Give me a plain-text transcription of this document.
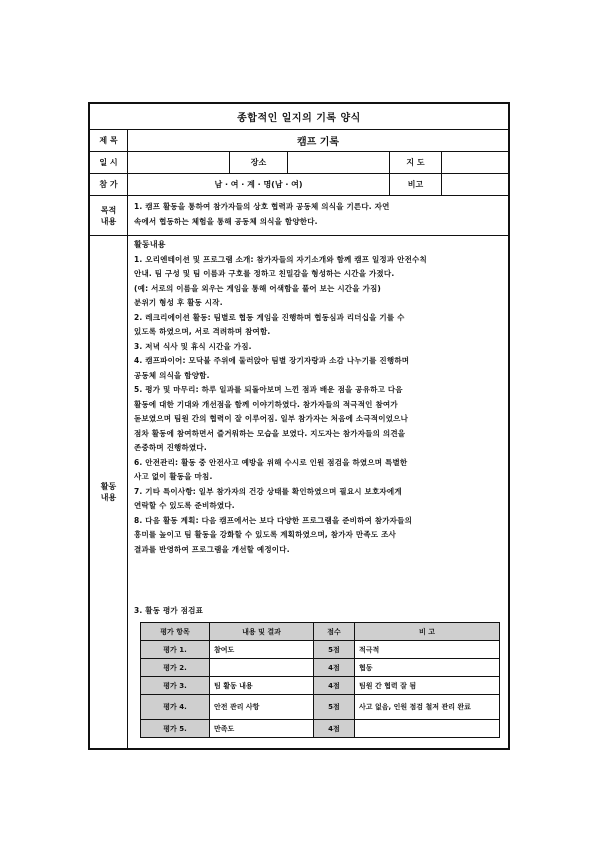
종합적인 일지의 기록 양식
제 목	캠프 기록
일 시	장소	지 도
참 가	남 · 여 · 계 · 명(남 · 여)	비고
목적
내용
1. 캠프 활동을 통하여 참가자들의 상호 협력과 공동체 의식을 기른다. 자연
속에서 협동하는 체험을 통해 공동체 의식을 함양한다.
활동
내용
활동내용
1. 오리엔테이션 및 프로그램 소개: 참가자들의 자기소개와 함께 캠프 일정과 안전수칙
안내. 팀 구성 및 팀 이름과 구호를 정하고 친밀감을 형성하는 시간을 가졌다.
(예: 서로의 이름을 외우는 게임을 통해 어색함을 풀어 보는 시간을 가짐)
분위기 형성 후 활동 시작.
2. 레크리에이션 활동: 팀별로 협동 게임을 진행하며 협동심과 리더십을 기를 수
있도록 하였으며, 서로 격려하며 참여함.
3. 저녁 식사 및 휴식 시간을 가짐.
4. 캠프파이어: 모닥불 주위에 둘러앉아 팀별 장기자랑과 소감 나누기를 진행하며
공동체 의식을 함양함.
5. 평가 및 마무리: 하루 일과를 되돌아보며 느낀 점과 배운 점을 공유하고 다음
활동에 대한 기대와 개선점을 함께 이야기하였다. 참가자들의 적극적인 참여가
돋보였으며 팀원 간의 협력이 잘 이루어짐. 일부 참가자는 처음에 소극적이었으나
점차 활동에 참여하면서 즐거워하는 모습을 보였다. 지도자는 참가자들의 의견을
존중하며 진행하였다.
6. 안전관리: 활동 중 안전사고 예방을 위해 수시로 인원 점검을 하였으며 특별한
사고 없이 활동을 마침.
7. 기타 특이사항: 일부 참가자의 건강 상태를 확인하였으며 필요시 보호자에게
연락할 수 있도록 준비하였다.
8. 다음 활동 계획: 다음 캠프에서는 보다 다양한 프로그램을 준비하여 참가자들의
흥미를 높이고 팀 활동을 강화할 수 있도록 계획하였으며, 참가자 만족도 조사
결과를 반영하여 프로그램을 개선할 예정이다.
3. 활동 평가 점검표
평가 항목	내용 및 결과	점수	비 고
평가 1.	참여도	5점	적극적
평가 2.		4점	협동
평가 3.	팀 활동 내용	4점	팀원 간 협력 잘 됨
평가 4.	안전 관리 사항	5점	사고 없음, 인원 점검 철저 관리 완료
평가 5.	만족도	4점	
